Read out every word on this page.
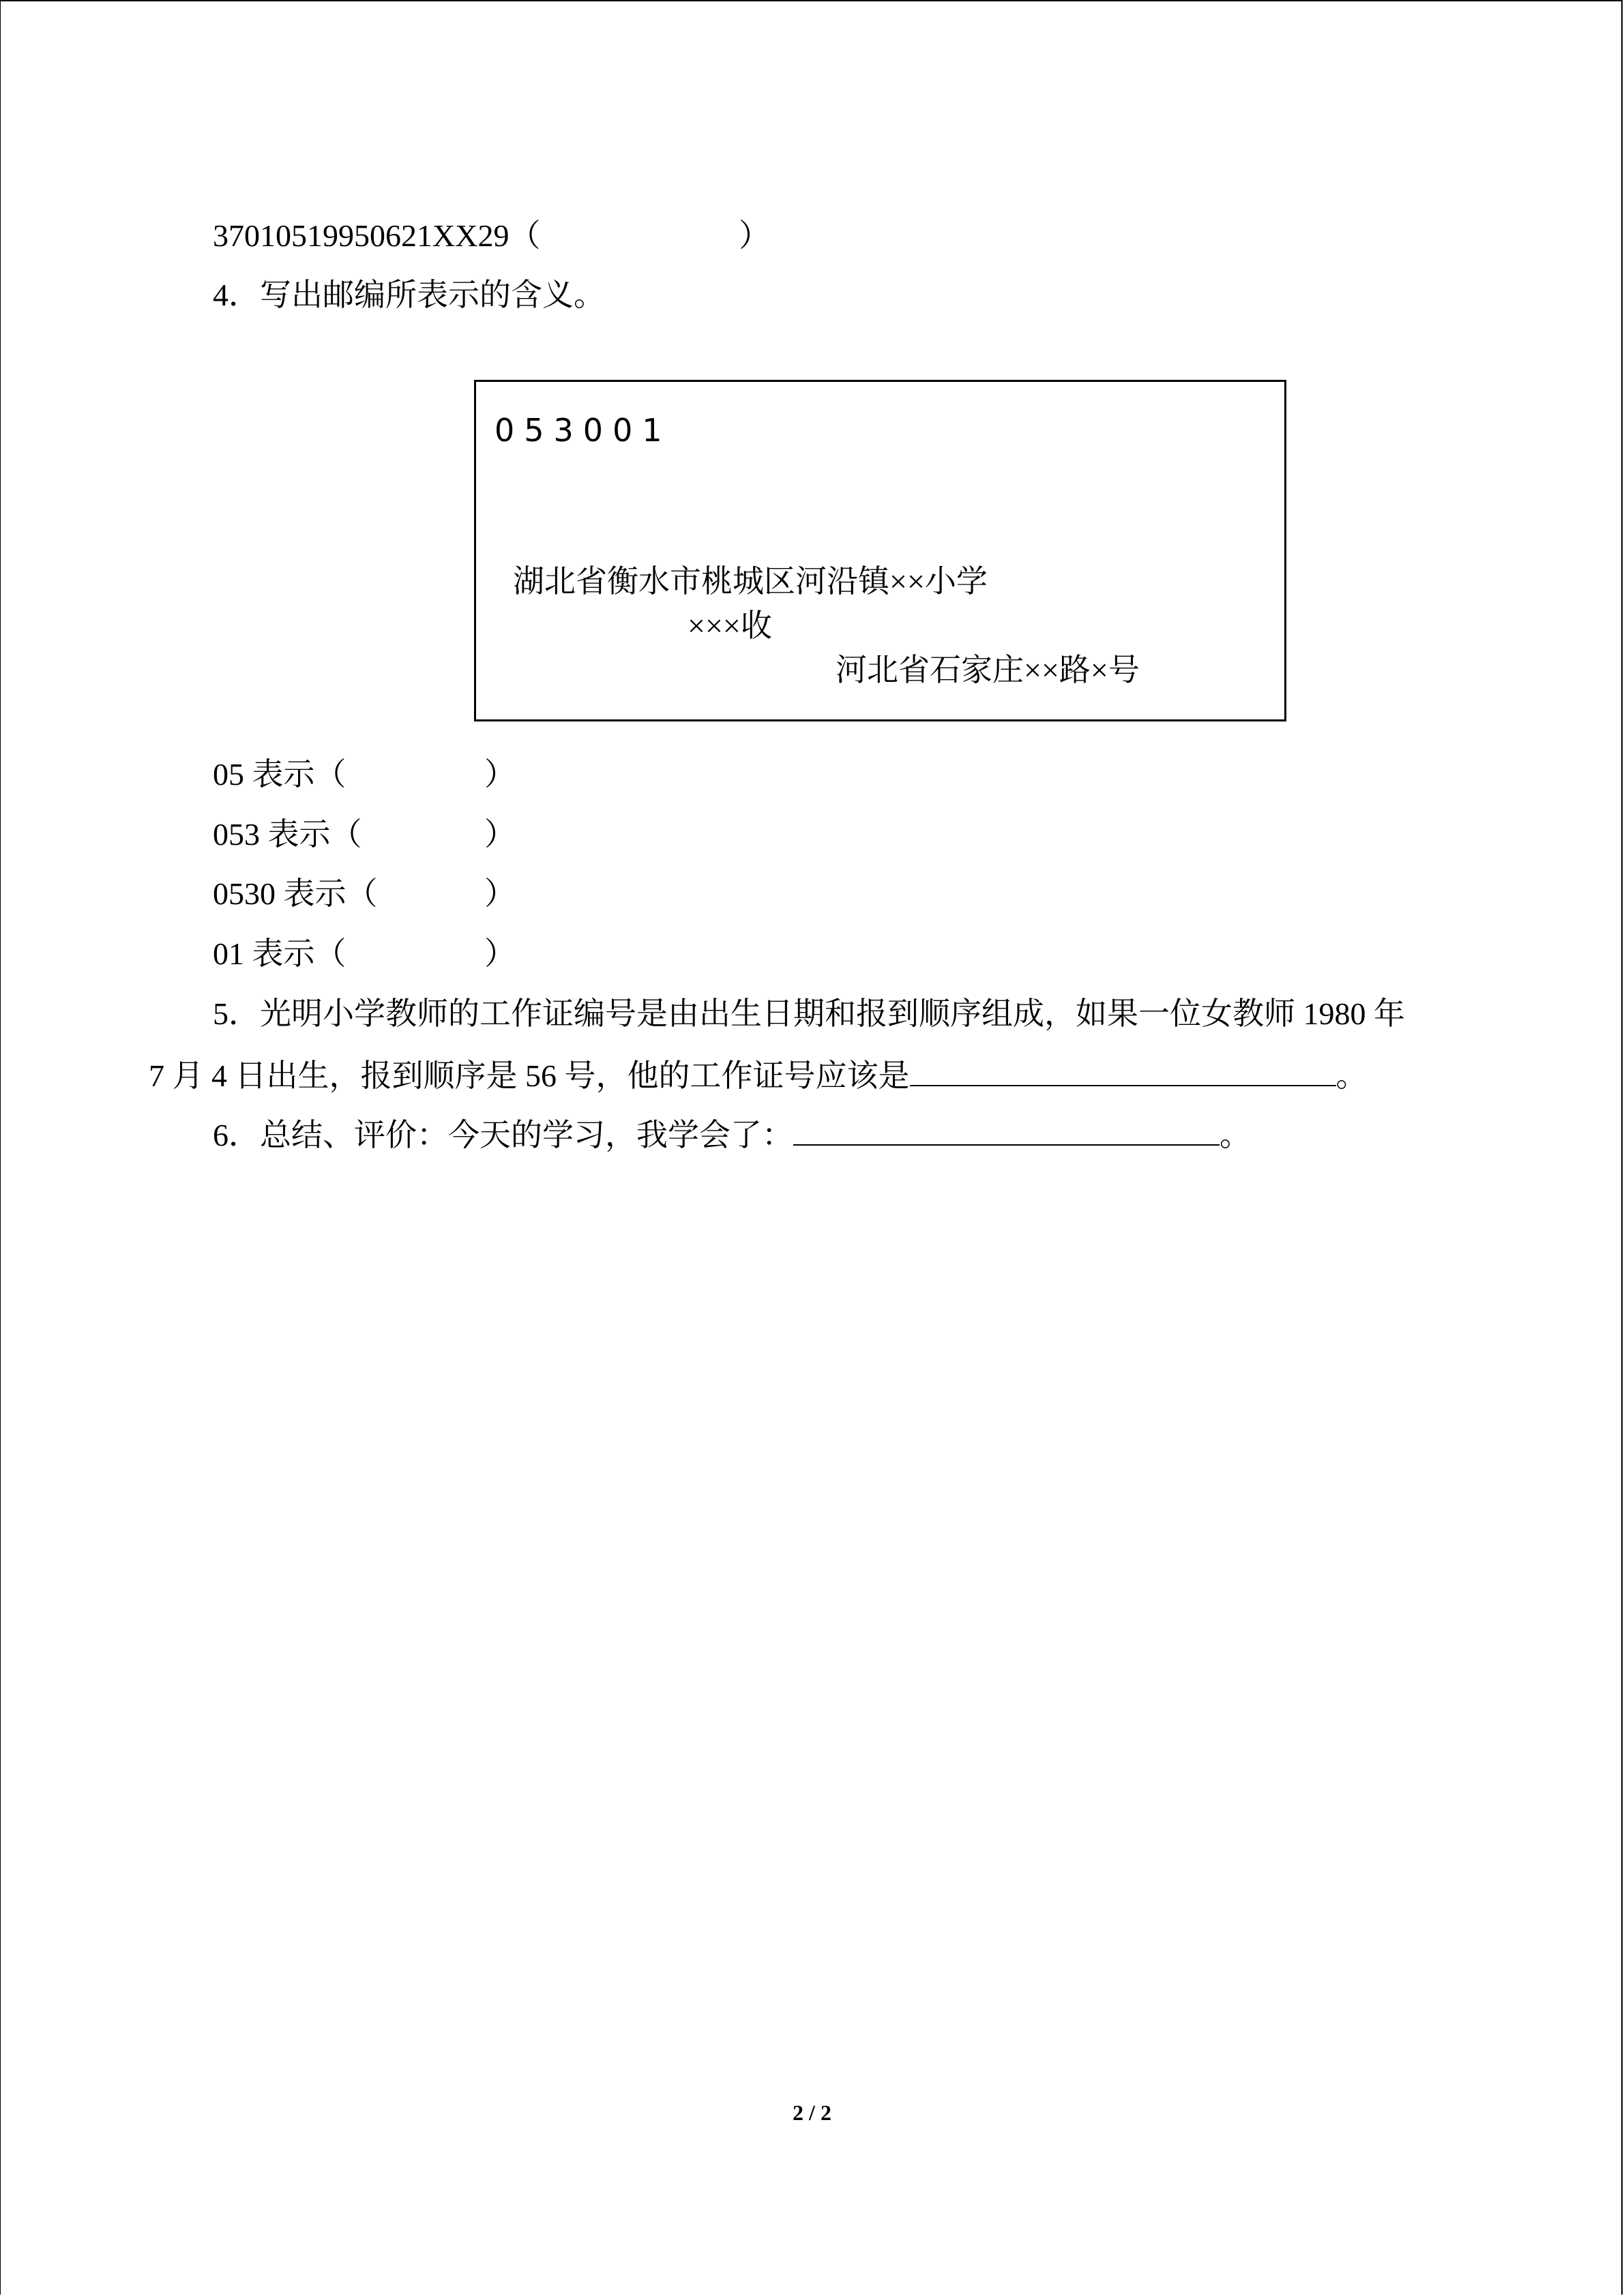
37010519950621XX29（	）
4．写出邮编所表示的含义。
053001
湖北省衡水市桃城区河沿镇××小学
×××收
河北省石家庄××路×号
05 表示（	）
053 表示（	）
0530 表示（	）
01 表示（	）
5．光明小学教师的工作证编号是由出生日期和报到顺序组成，如果一位女教师 1980 年
7 月 4 日出生，报到顺序是 56 号，他的工作证号应该是	。
6．总结、评价：今天的学习，我学会了：	。
2 / 2
